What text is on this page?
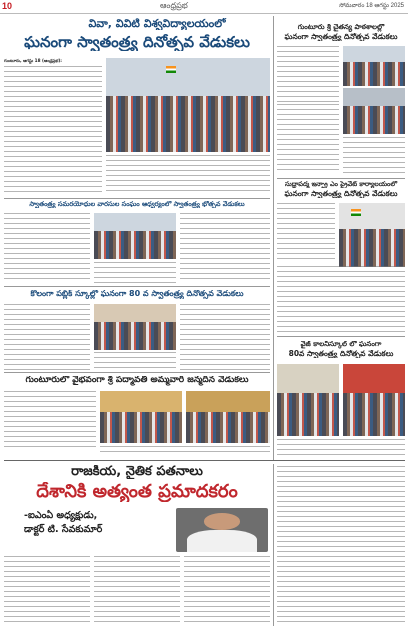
10	ఆంధ్రప్రభ	సోమవారం 18 ఆగస్టు 2025
వివా, వివిటి విశ్వవిద్యాలయంలో
ఘనంగా స్వాతంత్ర్య దినోత్సవ వేడుకలు
గుంటూరు, ఆగస్టు 18 (ఆంధ్రప్రభ):
స్వాతంత్ర్య సమరయోధుల వారసుల సంఘం ఆధ్వర్యంలో స్వాతంత్ర్య భోత్సవ వేడుకలు
కొలంగా పబ్లిక్ స్కూల్లో ఘనంగా 80 వ స్వాతంత్ర్య దినోత్సవ వేడుకలు
గుంటూరులో వైభవంగా శ్రీ పద్మావతి అమ్మవారి జన్మదిన వేడుకలు
గుంటూరు శ్రీ చైతన్య పాఠశాలల్లో
ఘనంగా స్వాతంత్ర్య దినోత్సవ వేడుకలు
సుధ్రాపద్మ ఇన్ఫ్రా ఎం ప్రైవేట్ కార్యాలయంలో
ఘనంగా స్వాతంత్ర్య దినోత్సవ వేడుకలు
వైజ్ కాలనీస్కూల్ లో ఘనంగా
80వ స్వాతంత్ర్య దినోత్సవ వేడుకలు
రాజకీయ, నైతిక పతనాలు
దేశానికి అత్యంత ప్రమాదకరం
-ఐఎంఏ అధ్యక్షుడు,
డాక్టర్ టి. సేవకుమార్
